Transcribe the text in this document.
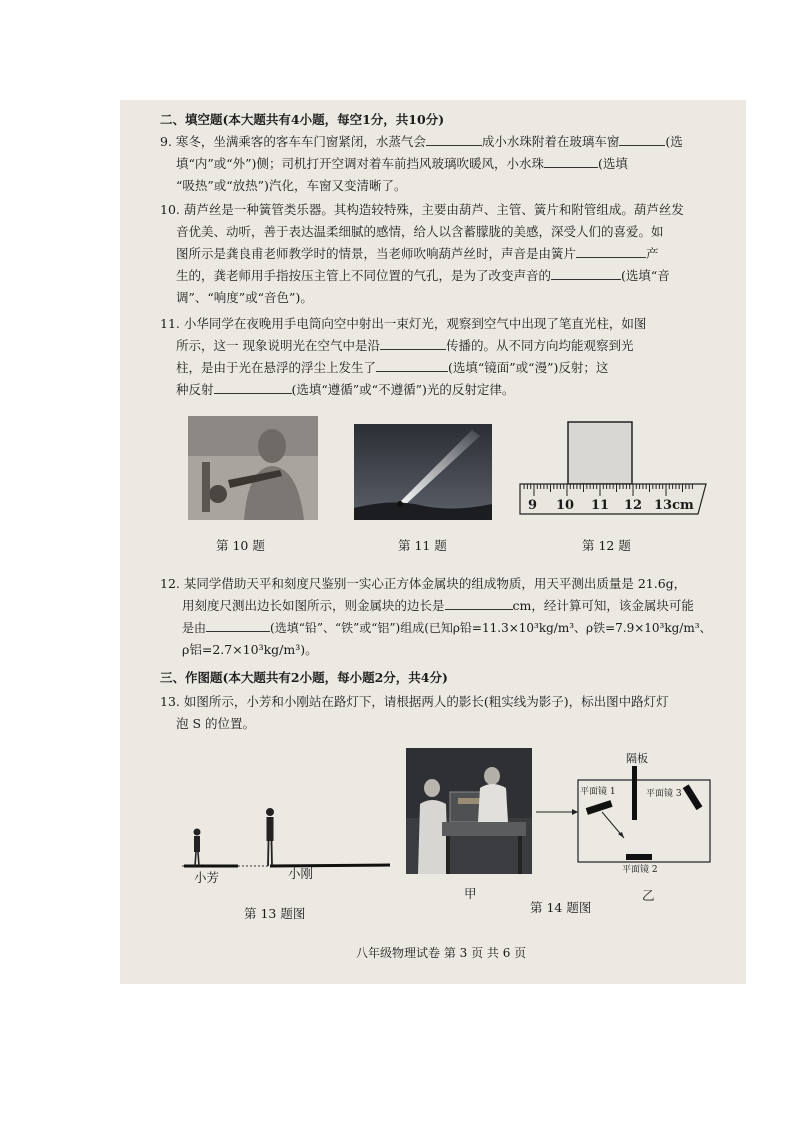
二、填空题(本大题共有4小题，每空1分，共10分)
9. 寒冬，坐满乘客的客车车门窗紧闭，水蒸气会	成小水珠附着在玻璃车窗	(选
填“内”或“外”)侧；司机打开空调对着车前挡风玻璃吹暖风，小水珠	(选填
“吸热”或“放热”)汽化，车窗又变清晰了。
10. 葫芦丝是一种簧管类乐器。其构造较特殊，主要由葫芦、主管、簧片和附管组成。葫芦丝发
音优美、动听，善于表达温柔细腻的感情，给人以含蓄朦胧的美感，深受人们的喜爱。如
图所示是龚良甫老师教学时的情景，当老师吹响葫芦丝时，声音是由簧片	产
生的，龚老师用手指按压主管上不同位置的气孔，是为了改变声音的	(选填“音
调”、“响度”或“音色”)。
11. 小华同学在夜晚用手电筒向空中射出一束灯光，观察到空气中出现了笔直光柱，如图
所示，这一 现象说明光在空气中是沿	传播的。从不同方向均能观察到光
柱，是由于光在悬浮的浮尘上发生了	(选填“镜面”或“漫”)反射；这
种反射	(选填“遵循”或“不遵循”)光的反射定律。
第 10 题	第 11 题
9 10 11 12 13cm
第 12 题
12. 某同学借助天平和刻度尺鉴别一实心正方体金属块的组成物质，用天平测出质量是 21.6g，
用刻度尺测出边长如图所示，则金属块的边长是	cm，经计算可知，该金属块可能
是由	(选填“铅”、“铁”或“铝”)组成(已知ρ铅=11.3×10³kg/m³、ρ铁=7.9×10³kg/m³、
ρ铝=2.7×10³kg/m³)。
三、作图题(本大题共有2小题，每小题2分，共4分)
13. 如图所示，小芳和小刚站在路灯下，请根据两人的影长(粗实线为影子)，标出图中路灯灯
泡 S 的位置。
小芳	小刚
第 13 题图
甲
隔板
平面镜 1	平面镜 3
平面镜 2
乙
第 14 题图
八年级物理试卷 第 3 页 共 6 页
